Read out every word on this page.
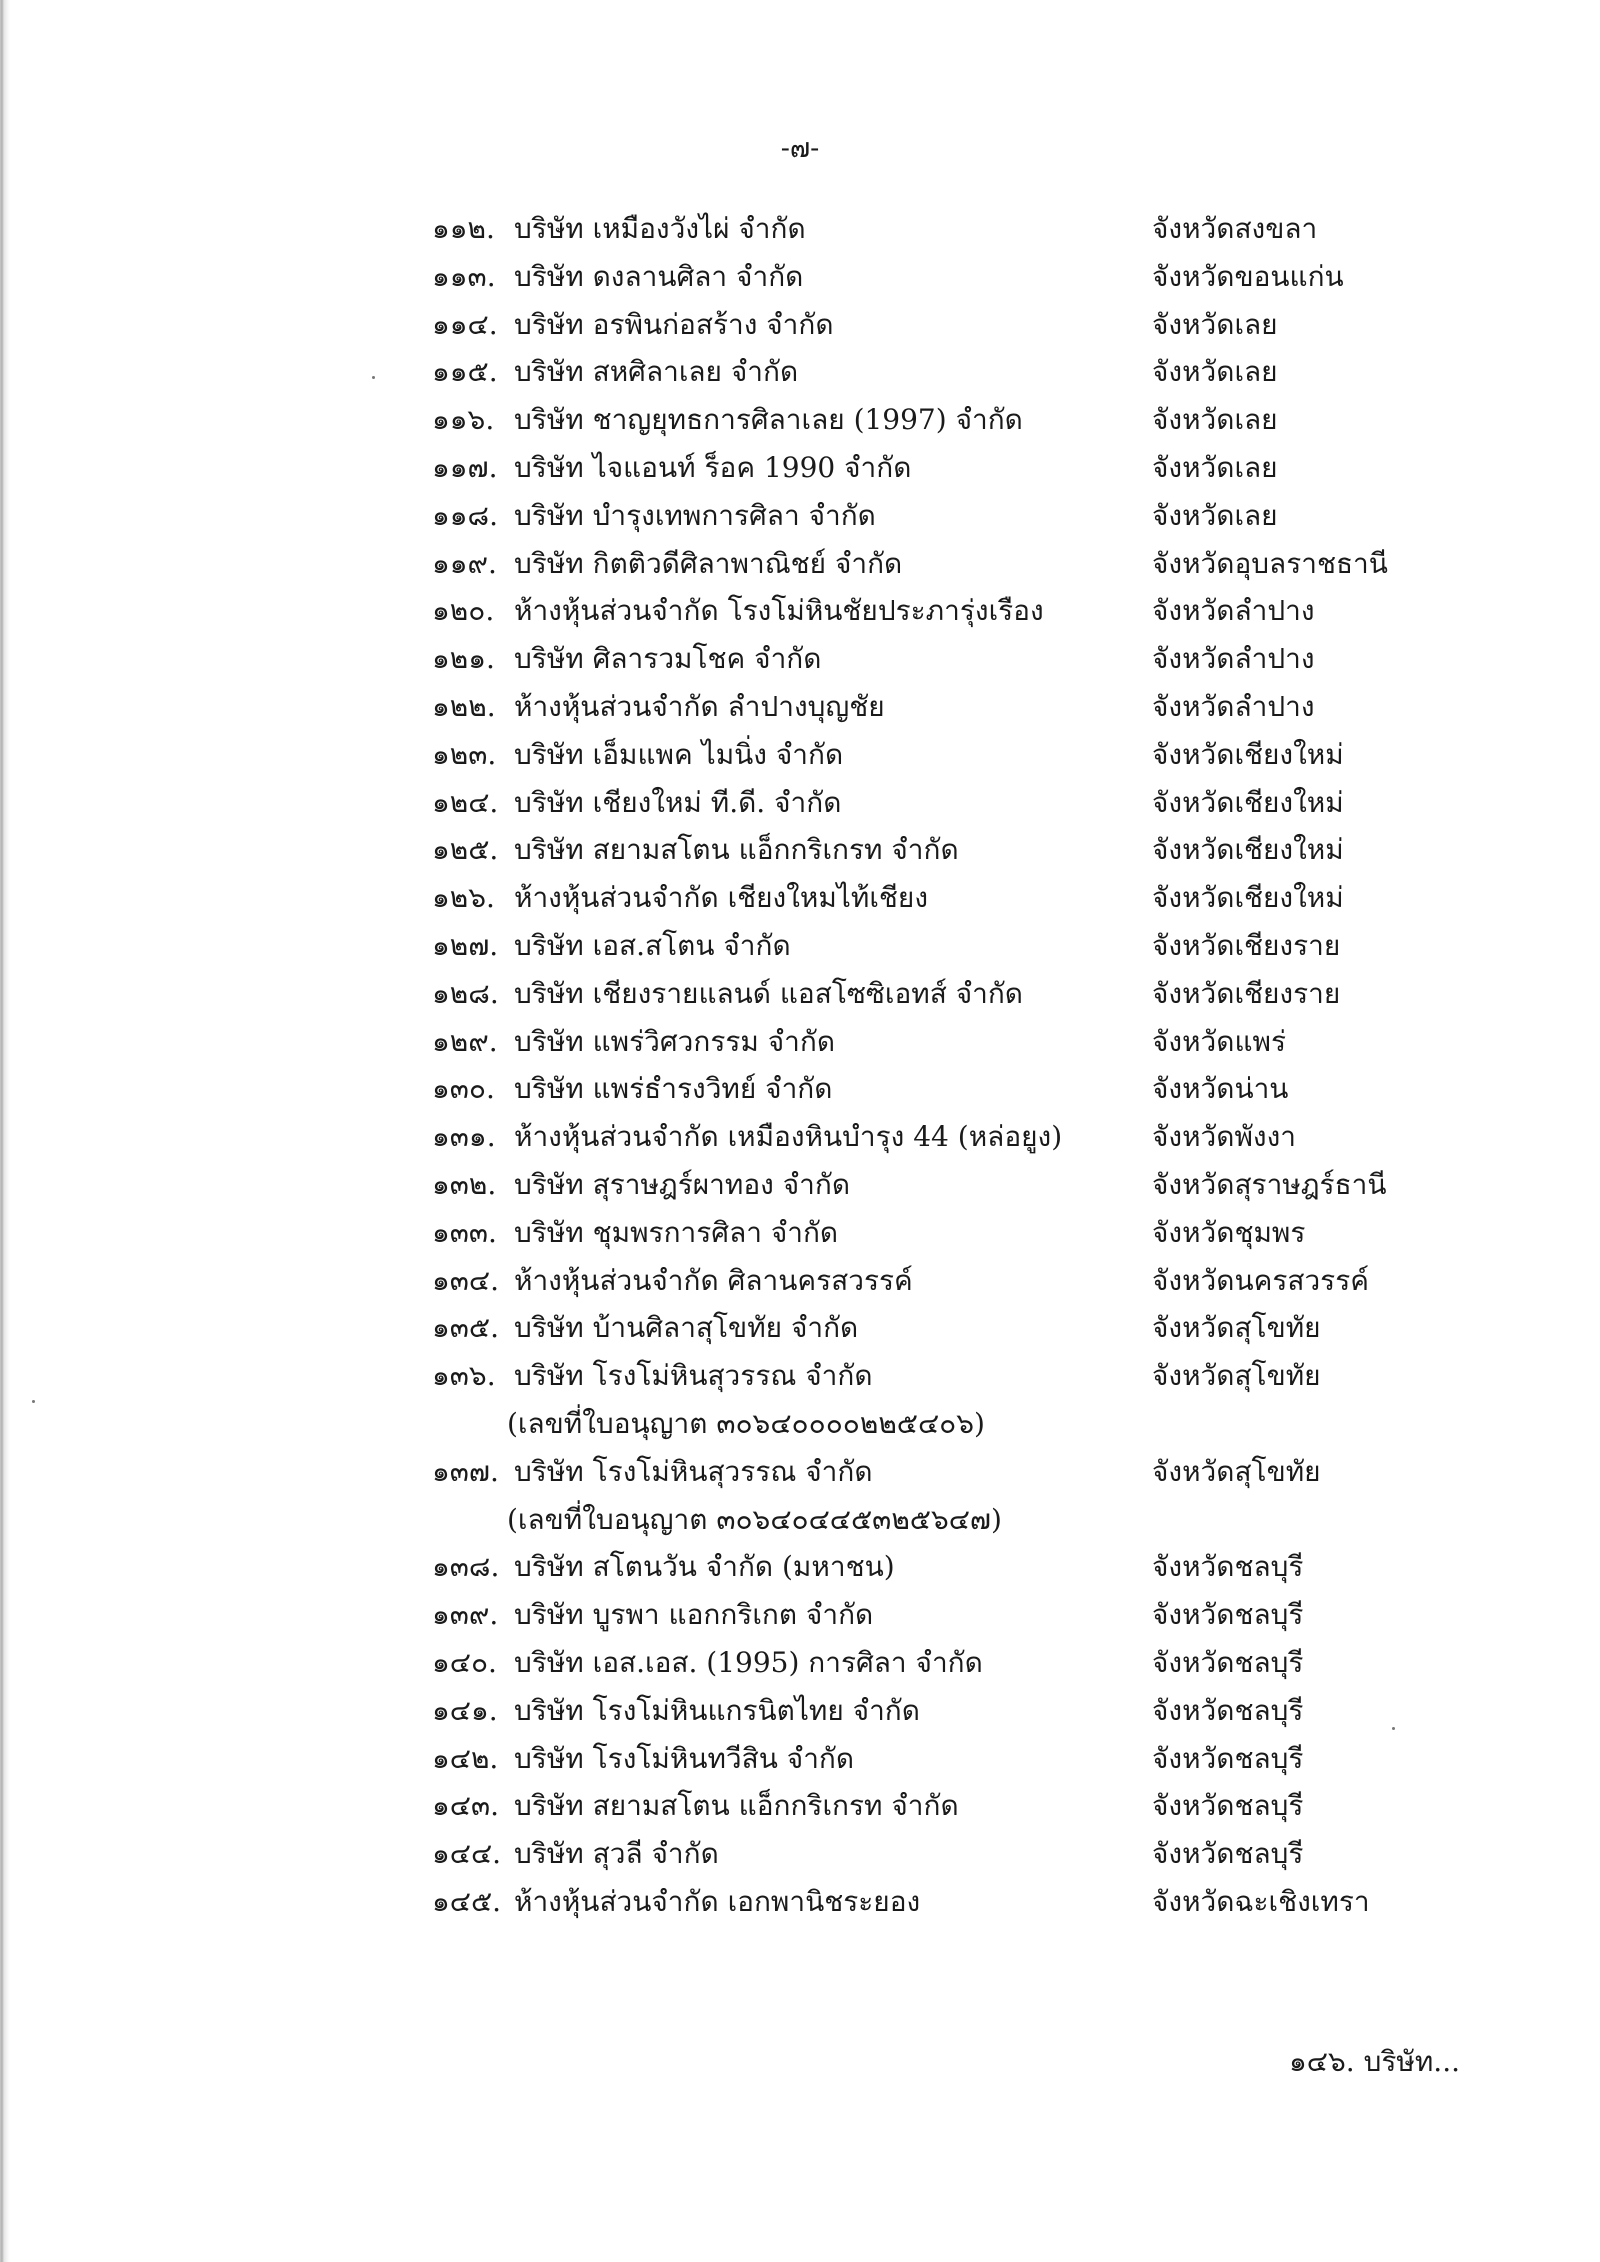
-๗-
๑๑๒. บริษัท เหมืองวังไผ่ จำกัด	จังหวัดสงขลา
๑๑๓. บริษัท ดงลานศิลา จำกัด	จังหวัดขอนแก่น
๑๑๔. บริษัท อรพินก่อสร้าง จำกัด	จังหวัดเลย
๑๑๕. บริษัท สหศิลาเลย จำกัด	จังหวัดเลย
๑๑๖. บริษัท ชาญยุทธการศิลาเลย (1997) จำกัด	จังหวัดเลย
๑๑๗. บริษัท ไจแอนท์ ร็อค 1990 จำกัด	จังหวัดเลย
๑๑๘. บริษัท บำรุงเทพการศิลา จำกัด	จังหวัดเลย
๑๑๙. บริษัท กิตติวดีศิลาพาณิชย์ จำกัด	จังหวัดอุบลราชธานี
๑๒๐. ห้างหุ้นส่วนจำกัด โรงโม่หินชัยประภารุ่งเรือง	จังหวัดลำปาง
๑๒๑. บริษัท ศิลารวมโชค จำกัด	จังหวัดลำปาง
๑๒๒. ห้างหุ้นส่วนจำกัด ลำปางบุญชัย	จังหวัดลำปาง
๑๒๓. บริษัท เอ็มแพค ไมนิ่ง จำกัด	จังหวัดเชียงใหม่
๑๒๔. บริษัท เชียงใหม่ ที.ดี. จำกัด	จังหวัดเชียงใหม่
๑๒๕. บริษัท สยามสโตน แอ็กกริเกรท จำกัด	จังหวัดเชียงใหม่
๑๒๖. ห้างหุ้นส่วนจำกัด เชียงใหมไท้เชียง	จังหวัดเชียงใหม่
๑๒๗. บริษัท เอส.สโตน จำกัด	จังหวัดเชียงราย
๑๒๘. บริษัท เชียงรายแลนด์ แอสโซซิเอทส์ จำกัด	จังหวัดเชียงราย
๑๒๙. บริษัท แพร่วิศวกรรม จำกัด	จังหวัดแพร่
๑๓๐. บริษัท แพร่ธำรงวิทย์ จำกัด	จังหวัดน่าน
๑๓๑. ห้างหุ้นส่วนจำกัด เหมืองหินบำรุง 44 (หล่อยูง)	จังหวัดพังงา
๑๓๒. บริษัท สุราษฎร์ผาทอง จำกัด	จังหวัดสุราษฎร์ธานี
๑๓๓. บริษัท ชุมพรการศิลา จำกัด	จังหวัดชุมพร
๑๓๔. ห้างหุ้นส่วนจำกัด ศิลานครสวรรค์	จังหวัดนครสวรรค์
๑๓๕. บริษัท บ้านศิลาสุโขทัย จำกัด	จังหวัดสุโขทัย
๑๓๖. บริษัท โรงโม่หินสุวรรณ จำกัด	จังหวัดสุโขทัย
(เลขที่ใบอนุญาต ๓๐๖๔๐๐๐๐๒๒๕๔๐๖)
๑๓๗. บริษัท โรงโม่หินสุวรรณ จำกัด	จังหวัดสุโขทัย
(เลขที่ใบอนุญาต ๓๐๖๔๐๔๔๕๓๒๕๖๔๗)
๑๓๘. บริษัท สโตนวัน จำกัด (มหาชน)	จังหวัดชลบุรี
๑๓๙. บริษัท บูรพา แอกกริเกต จำกัด	จังหวัดชลบุรี
๑๔๐. บริษัท เอส.เอส. (1995) การศิลา จำกัด	จังหวัดชลบุรี
๑๔๑. บริษัท โรงโม่หินแกรนิตไทย จำกัด	จังหวัดชลบุรี
๑๔๒. บริษัท โรงโม่หินทวีสิน จำกัด	จังหวัดชลบุรี
๑๔๓. บริษัท สยามสโตน แอ็กกริเกรท จำกัด	จังหวัดชลบุรี
๑๔๔. บริษัท สุวลี จำกัด	จังหวัดชลบุรี
๑๔๕. ห้างหุ้นส่วนจำกัด เอกพานิชระยอง	จังหวัดฉะเชิงเทรา
๑๔๖. บริษัท...
